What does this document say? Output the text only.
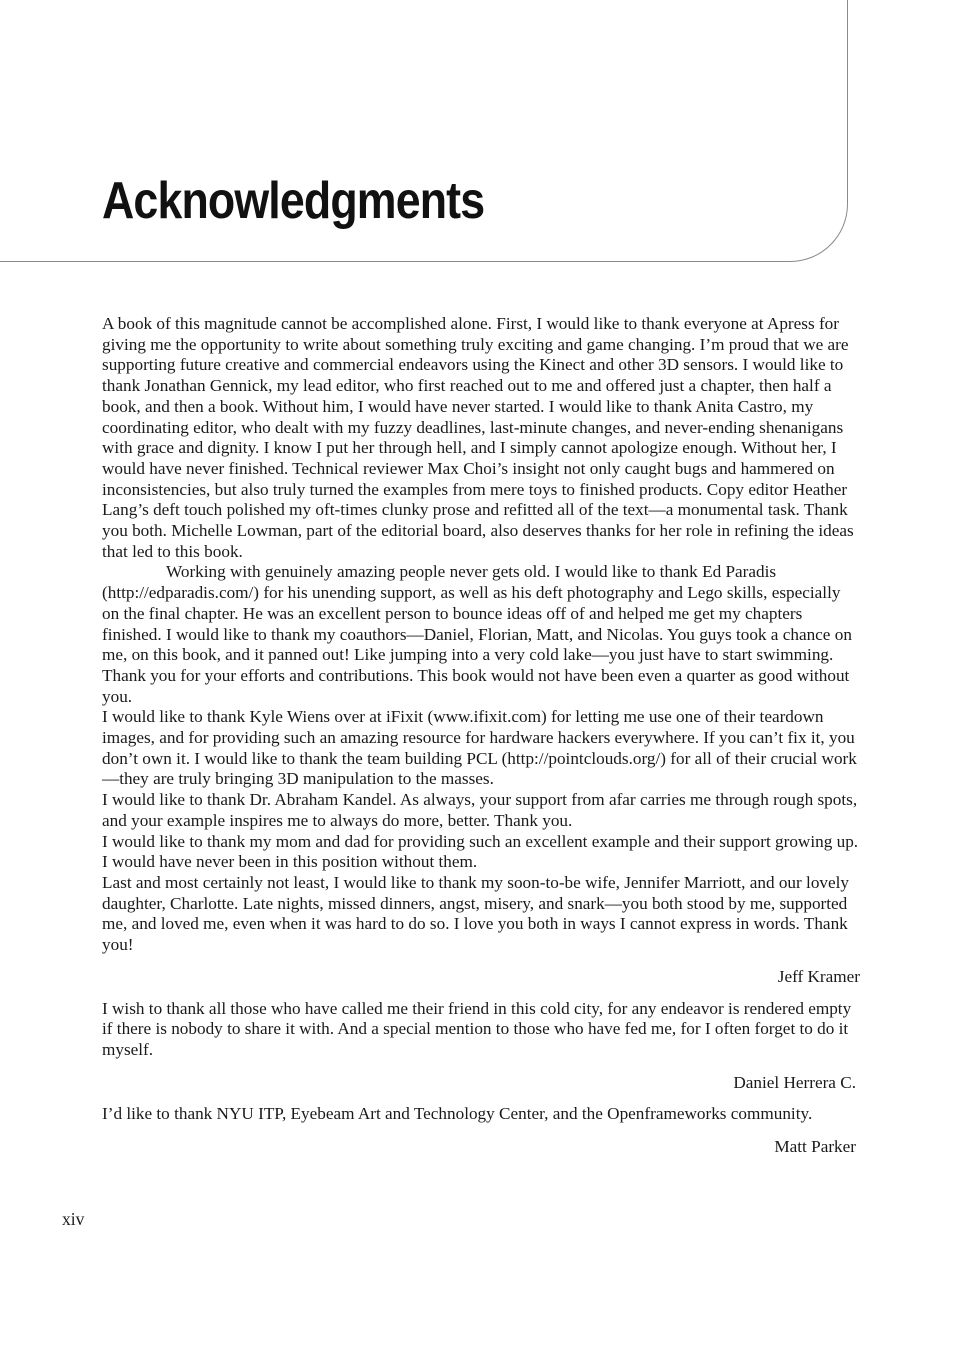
Acknowledgments

A book of this magnitude cannot be accomplished alone. First, I would like to thank everyone at Apress for giving me the opportunity to write about something truly exciting and game changing. I’m proud that we are supporting future creative and commercial endeavors using the Kinect and other 3D sensors. I would like to thank Jonathan Gennick, my lead editor, who first reached out to me and offered just a chapter, then half a book, and then a book. Without him, I would have never started. I would like to thank Anita Castro, my coordinating editor, who dealt with my fuzzy deadlines, last-minute changes, and never-ending shenanigans with grace and dignity. I know I put her through hell, and I simply cannot apologize enough. Without her, I would have never finished. Technical reviewer Max Choi’s insight not only caught bugs and hammered on inconsistencies, but also truly turned the examples from mere toys to finished products. Copy editor Heather Lang’s deft touch polished my oft-times clunky prose and refitted all of the text—a monumental task. Thank you both. Michelle Lowman, part of the editorial board, also deserves thanks for her role in refining the ideas that led to this book.

Working with genuinely amazing people never gets old. I would like to thank Ed Paradis (http://edparadis.com/) for his unending support, as well as his deft photography and Lego skills, especially on the final chapter. He was an excellent person to bounce ideas off of and helped me get my chapters finished. I would like to thank my coauthors—Daniel, Florian, Matt, and Nicolas. You guys took a chance on me, on this book, and it panned out! Like jumping into a very cold lake—you just have to start swimming. Thank you for your efforts and contributions. This book would not have been even a quarter as good without you.

I would like to thank Kyle Wiens over at iFixit (www.ifixit.com) for letting me use one of their teardown images, and for providing such an amazing resource for hardware hackers everywhere. If you can’t fix it, you don’t own it. I would like to thank the team building PCL (http://pointclouds.org/) for all of their crucial work—they are truly bringing 3D manipulation to the masses.

I would like to thank Dr. Abraham Kandel. As always, your support from afar carries me through rough spots, and your example inspires me to always do more, better. Thank you.

I would like to thank my mom and dad for providing such an excellent example and their support growing up. I would have never been in this position without them.

Last and most certainly not least, I would like to thank my soon-to-be wife, Jennifer Marriott, and our lovely daughter, Charlotte. Late nights, missed dinners, angst, misery, and snark—you both stood by me, supported me, and loved me, even when it was hard to do so. I love you both in ways I cannot express in words. Thank you!

Jeff Kramer

I wish to thank all those who have called me their friend in this cold city, for any endeavor is rendered empty if there is nobody to share it with. And a special mention to those who have fed me, for I often forget to do it myself.

Daniel Herrera C.

I’d like to thank NYU ITP, Eyebeam Art and Technology Center, and the Openframeworks community.

Matt Parker

xiv
